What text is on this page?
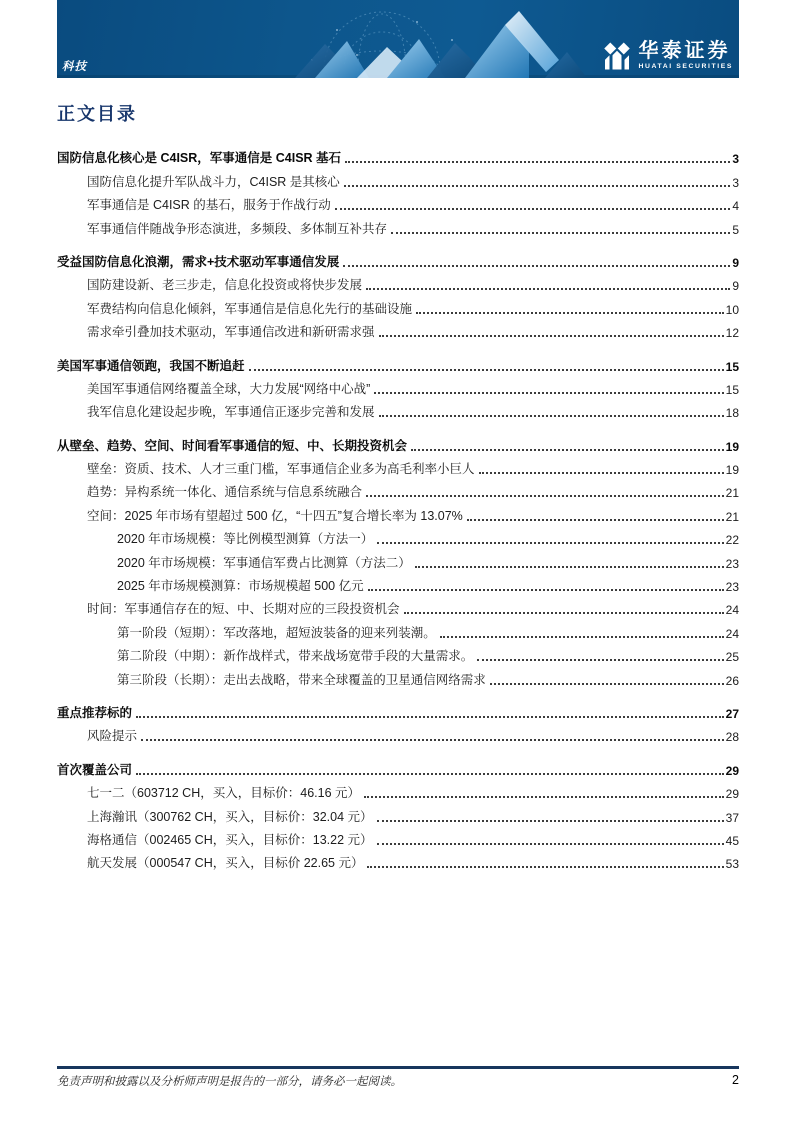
科技
华泰证券
HUATAI SECURITIES
正文目录
国防信息化核心是 C4ISR，军事通信是 C4ISR 基石	3
国防信息化提升军队战斗力，C4ISR 是其核心	3
军事通信是 C4ISR 的基石，服务于作战行动	4
军事通信伴随战争形态演进，多频段、多体制互补共存	5
受益国防信息化浪潮，需求+技术驱动军事通信发展	9
国防建设新、老三步走，信息化投资或将快步发展	9
军费结构向信息化倾斜，军事通信是信息化先行的基础设施	10
需求牵引叠加技术驱动，军事通信改进和新研需求强	12
美国军事通信领跑，我国不断追赶	15
美国军事通信网络覆盖全球，大力发展“网络中心战”	15
我军信息化建设起步晚，军事通信正逐步完善和发展	18
从壁垒、趋势、空间、时间看军事通信的短、中、长期投资机会	19
壁垒：资质、技术、人才三重门槛，军事通信企业多为高毛利率小巨人	19
趋势：异构系统一体化、通信系统与信息系统融合	21
空间：2025 年市场有望超过 500 亿，“十四五”复合增长率为 13.07%	21
2020 年市场规模：等比例模型测算（方法一）	22
2020 年市场规模：军事通信军费占比测算（方法二）	23
2025 年市场规模测算：市场规模超 500 亿元	23
时间：军事通信存在的短、中、长期对应的三段投资机会	24
第一阶段（短期）：军改落地，超短波装备的迎来列装潮。	24
第二阶段（中期）：新作战样式，带来战场宽带手段的大量需求。	25
第三阶段（长期）：走出去战略，带来全球覆盖的卫星通信网络需求	26
重点推荐标的	27
风险提示	28
首次覆盖公司	29
七一二（603712 CH，买入，目标价：46.16 元）	29
上海瀚讯（300762 CH，买入，目标价：32.04 元）	37
海格通信（002465 CH，买入，目标价：13.22 元）	45
航天发展（000547 CH，买入，目标价 22.65 元）	53
免责声明和披露以及分析师声明是报告的一部分，请务必一起阅读。	2
